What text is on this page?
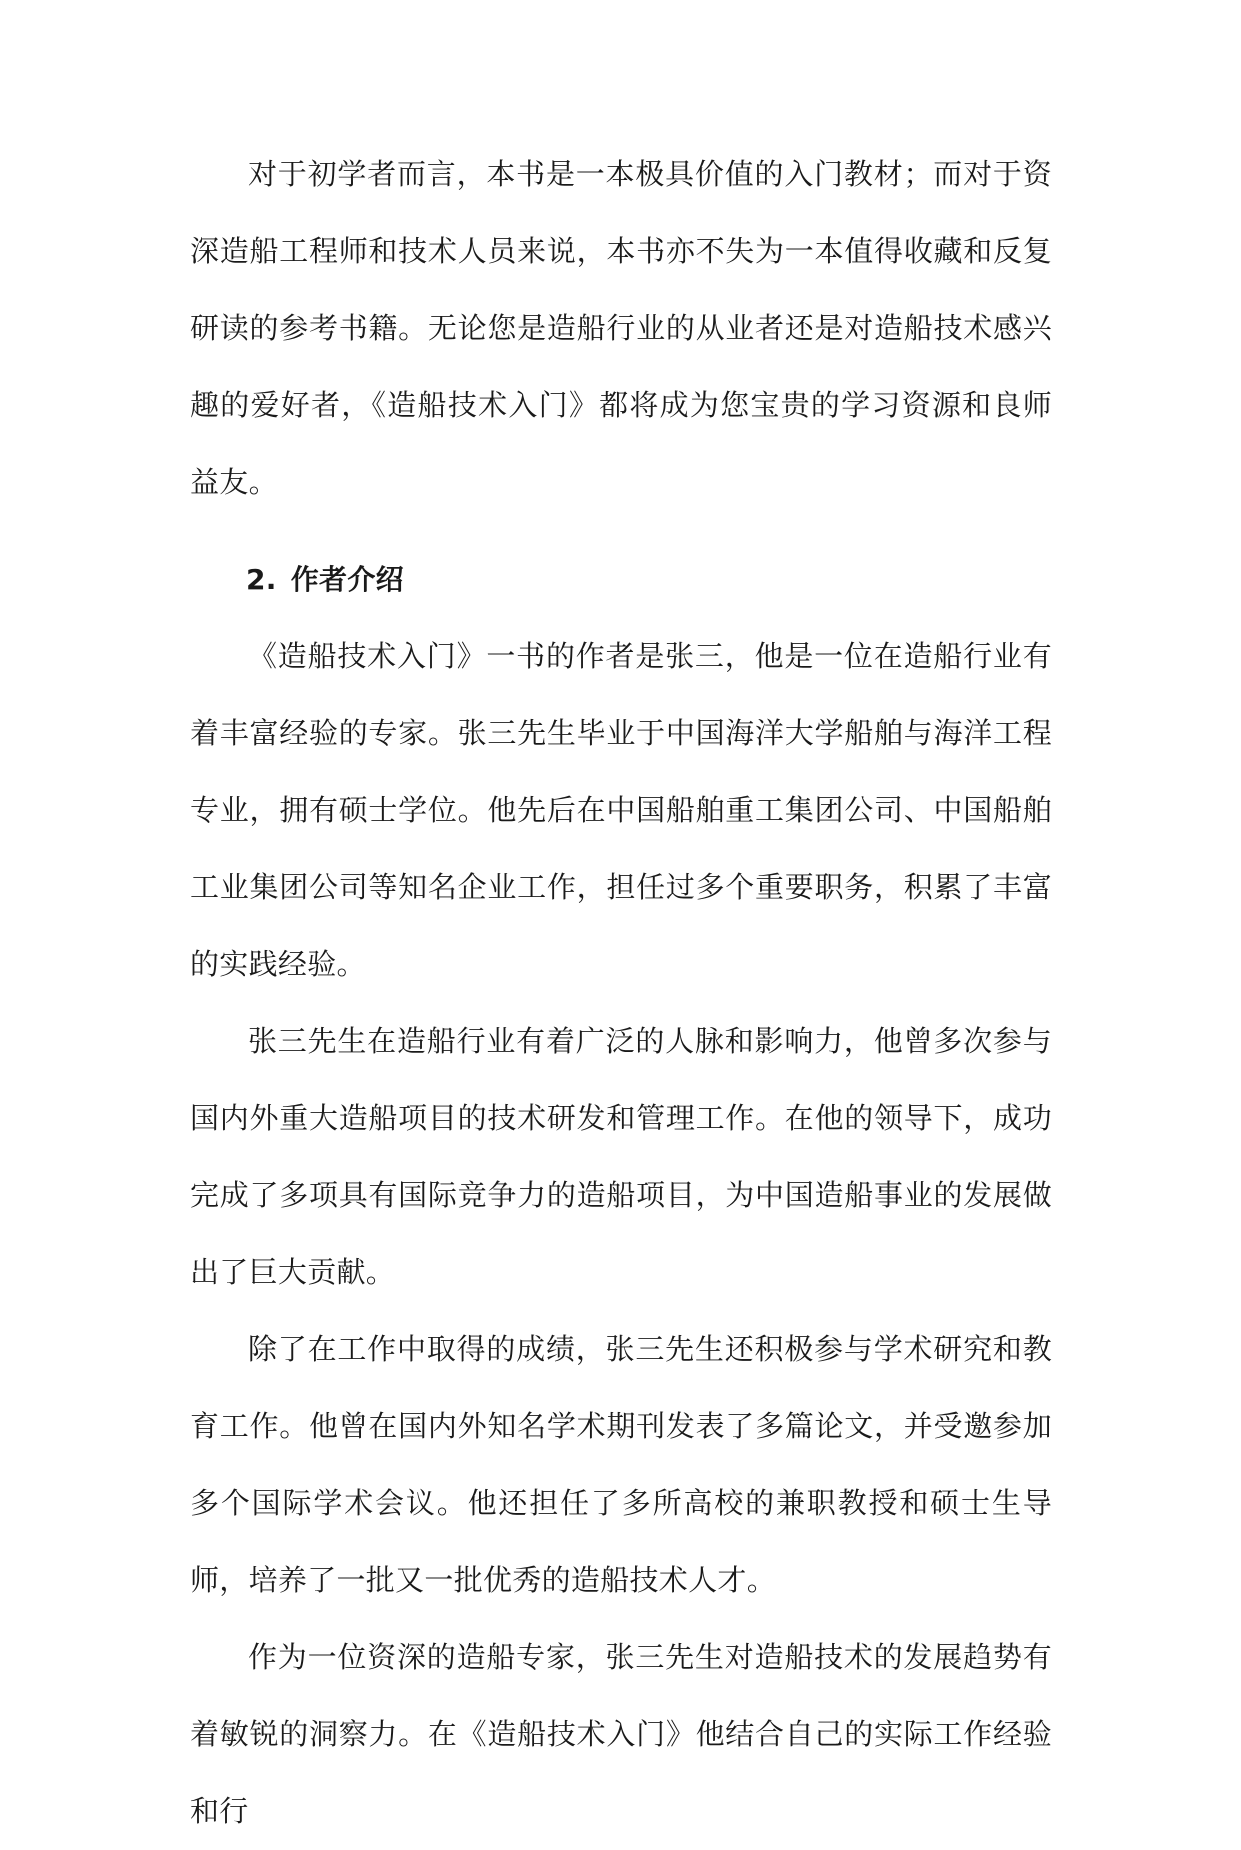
对于初学者而言，本书是一本极具价值的入门教材；而对于资深造船工程师和技术人员来说，本书亦不失为一本值得收藏和反复研读的参考书籍。无论您是造船行业的从业者还是对造船技术感兴趣的爱好者，《造船技术入门》都将成为您宝贵的学习资源和良师益友。

2. 作者介绍

《造船技术入门》一书的作者是张三，他是一位在造船行业有着丰富经验的专家。张三先生毕业于中国海洋大学船舶与海洋工程专业，拥有硕士学位。他先后在中国船舶重工集团公司、中国船舶工业集团公司等知名企业工作，担任过多个重要职务，积累了丰富的实践经验。

张三先生在造船行业有着广泛的人脉和影响力，他曾多次参与国内外重大造船项目的技术研发和管理工作。在他的领导下，成功完成了多项具有国际竞争力的造船项目，为中国造船事业的发展做出了巨大贡献。

除了在工作中取得的成绩，张三先生还积极参与学术研究和教育工作。他曾在国内外知名学术期刊发表了多篇论文，并受邀参加多个国际学术会议。他还担任了多所高校的兼职教授和硕士生导师，培养了一批又一批优秀的造船技术人才。

作为一位资深的造船专家，张三先生对造船技术的发展趋势有着敏锐的洞察力。在《造船技术入门》他结合自己的实际工作经验和行
